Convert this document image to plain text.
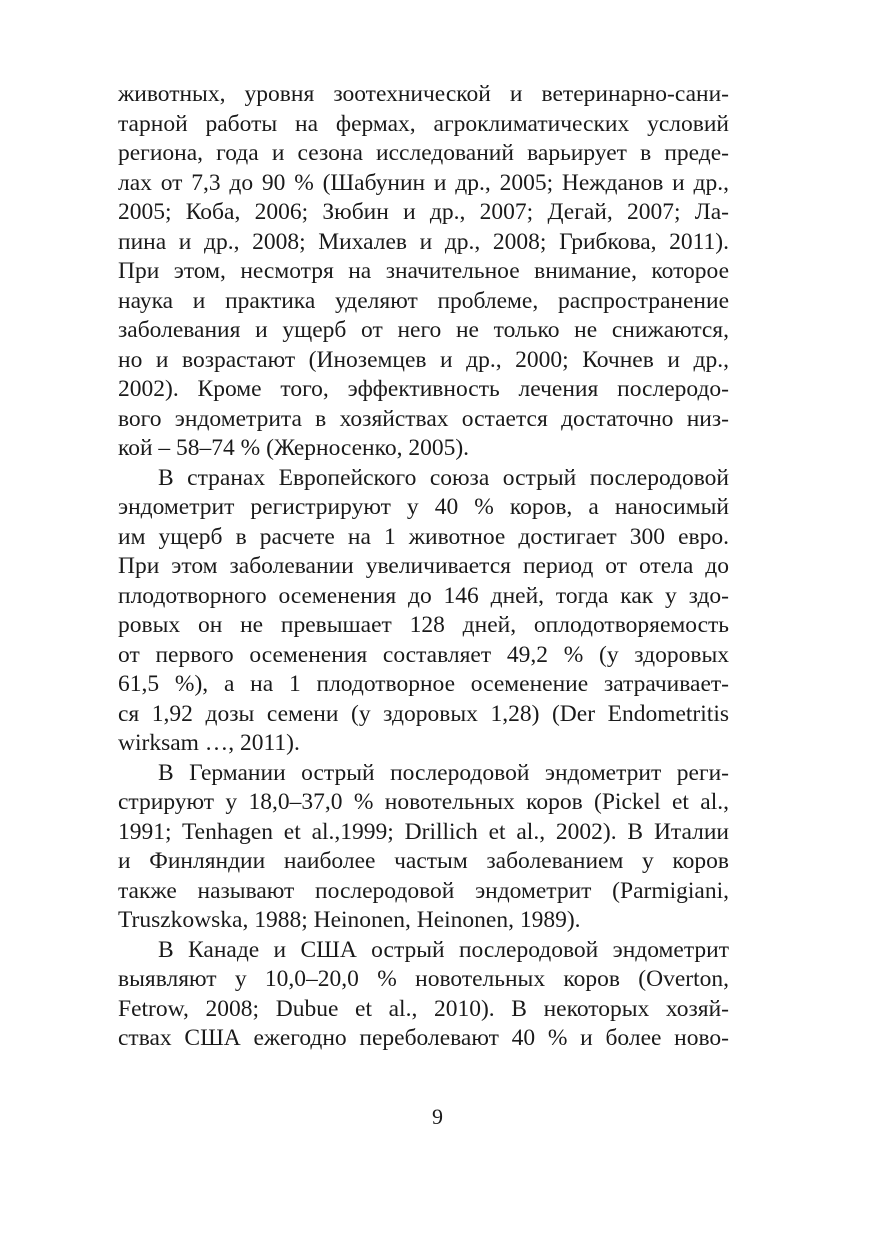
животных, уровня зоотехнической и ветеринарно-сани-
тарной работы на фермах, агроклиматических условий
региона, года и сезона исследований варьирует в преде-
лах от 7,3 до 90 % (Шабунин и др., 2005; Нежданов и др.,
2005; Коба, 2006; Зюбин и др., 2007; Дегай, 2007; Ла-
пина и др., 2008; Михалев и др., 2008; Грибкова, 2011).
При этом, несмотря на значительное внимание, которое
наука и практика уделяют проблеме, распространение
заболевания и ущерб от него не только не снижаются,
но и возрастают (Иноземцев и др., 2000; Кочнев и др.,
2002). Кроме того, эффективность лечения послеродо-
вого эндометрита в хозяйствах остается достаточно низ-
кой – 58–74 % (Жерносенко, 2005).
В странах Европейского союза острый послеродовой
эндометрит регистрируют у 40 % коров, а наносимый
им ущерб в расчете на 1 животное достигает 300 евро.
При этом заболевании увеличивается период от отела до
плодотворного осеменения до 146 дней, тогда как у здо-
ровых он не превышает 128 дней, оплодотворяемость
от первого осеменения составляет 49,2 % (у здоровых
61,5 %), а на 1 плодотворное осеменение затрачивает-
ся 1,92 дозы семени (у здоровых 1,28) (Der Endometritis
wirksam …, 2011).
В Германии острый послеродовой эндометрит реги-
стрируют у 18,0–37,0 % новотельных коров (Pickel et al.,
1991; Tenhagen et al.,1999; Drillich et al., 2002). В Италии
и Финляндии наиболее частым заболеванием у коров
также называют послеродовой эндометрит (Parmigiani,
Truszkowska, 1988; Heinonen, Heinonen, 1989).
В Канаде и США острый послеродовой эндометрит
выявляют у 10,0–20,0 % новотельных коров (Overton,
Fetrow, 2008; Dubue et al., 2010). В некоторых хозяй-
ствах США ежегодно переболевают 40 % и более ново-
9
